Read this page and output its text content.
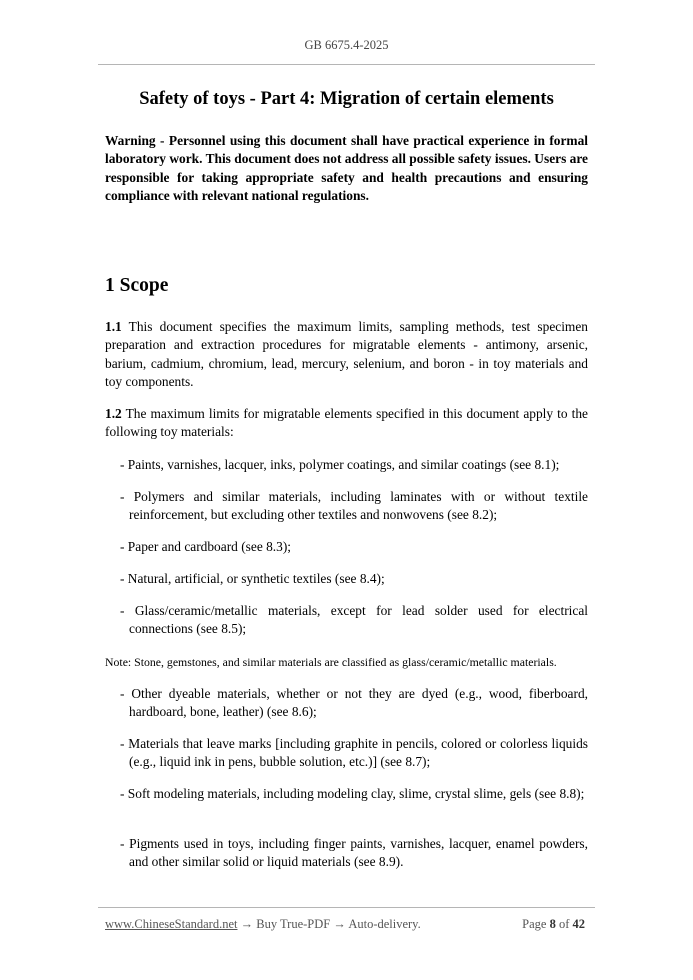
GB 6675.4-2025
Safety of toys - Part 4: Migration of certain elements
Warning - Personnel using this document shall have practical experience in formal laboratory work. This document does not address all possible safety issues. Users are responsible for taking appropriate safety and health precautions and ensuring compliance with relevant national regulations.
1 Scope
1.1 This document specifies the maximum limits, sampling methods, test specimen preparation and extraction procedures for migratable elements - antimony, arsenic, barium, cadmium, chromium, lead, mercury, selenium, and boron - in toy materials and toy components.
1.2 The maximum limits for migratable elements specified in this document apply to the following toy materials:
- Paints, varnishes, lacquer, inks, polymer coatings, and similar coatings (see 8.1);
- Polymers and similar materials, including laminates with or without textile reinforcement, but excluding other textiles and nonwovens (see 8.2);
- Paper and cardboard (see 8.3);
- Natural, artificial, or synthetic textiles (see 8.4);
- Glass/ceramic/metallic materials, except for lead solder used for electrical connections (see 8.5);
Note: Stone, gemstones, and similar materials are classified as glass/ceramic/metallic materials.
- Other dyeable materials, whether or not they are dyed (e.g., wood, fiberboard, hardboard, bone, leather) (see 8.6);
- Materials that leave marks [including graphite in pencils, colored or colorless liquids (e.g., liquid ink in pens, bubble solution, etc.)] (see 8.7);
- Soft modeling materials, including modeling clay, slime, crystal slime, gels (see 8.8);
- Pigments used in toys, including finger paints, varnishes, lacquer, enamel powders, and other similar solid or liquid materials (see 8.9).
www.ChineseStandard.net → Buy True-PDF → Auto-delivery.	Page 8 of 42
